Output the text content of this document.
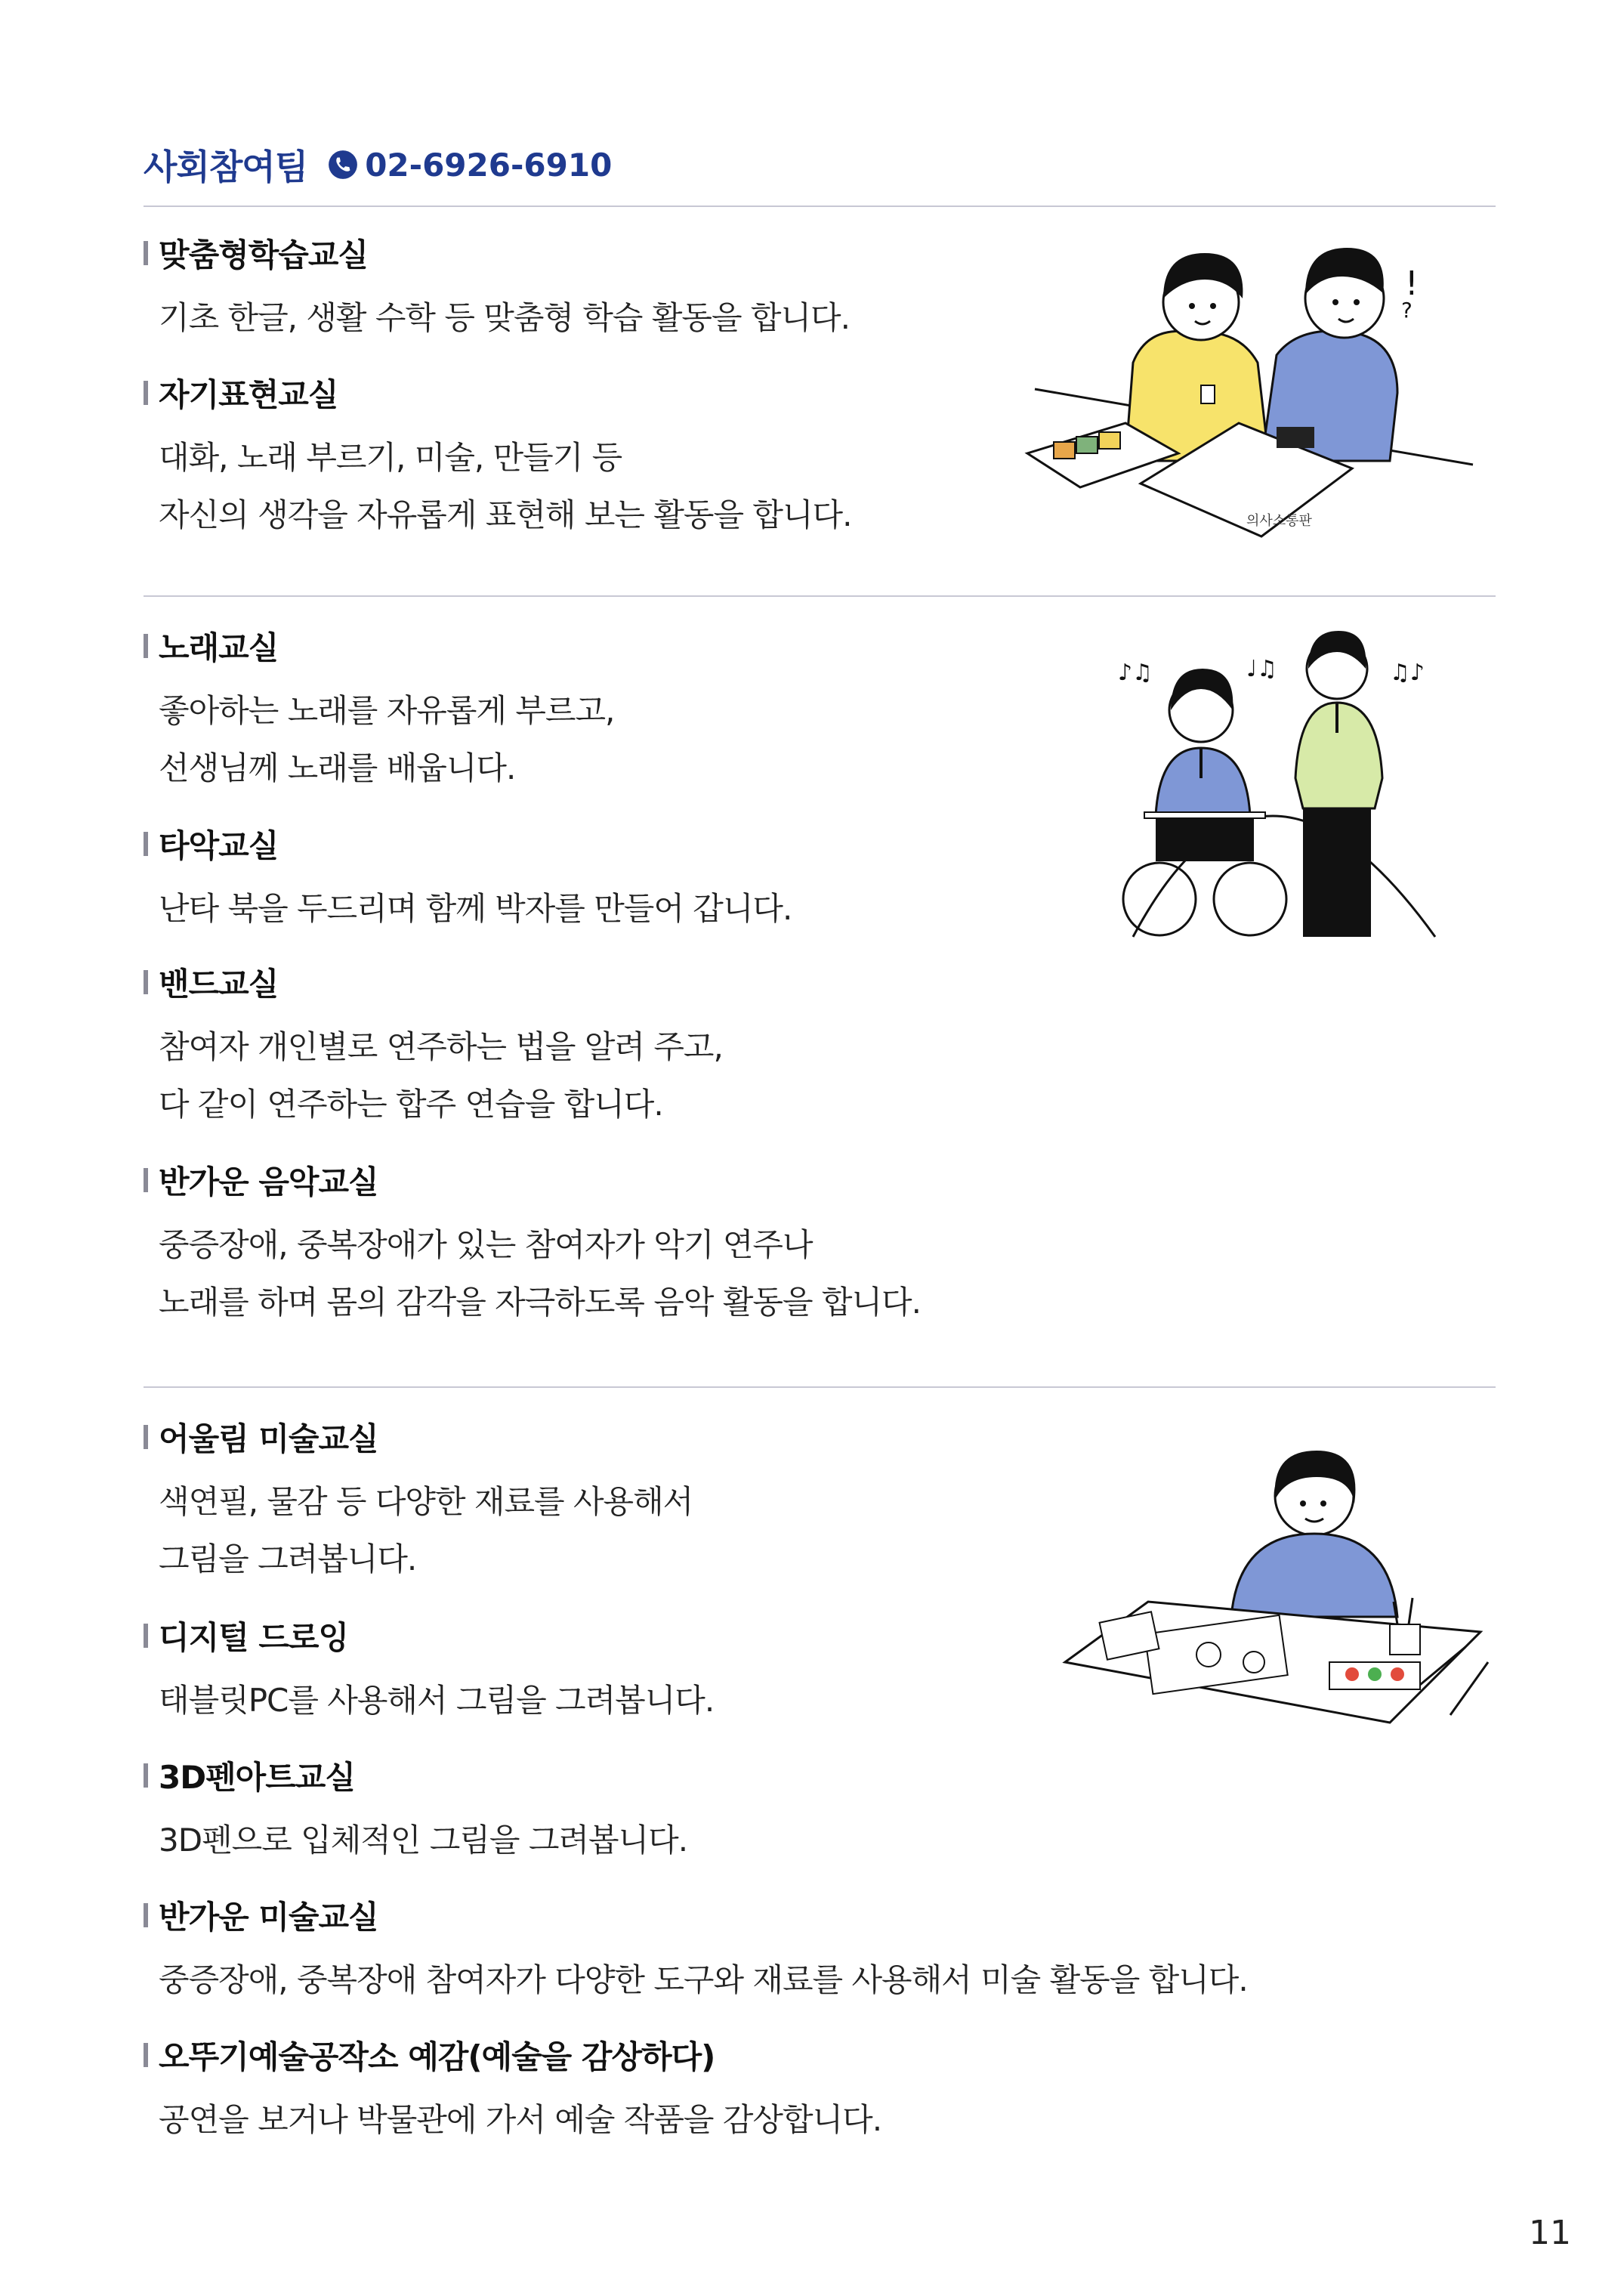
사회참여팀 02-6926-6910
맞춤형학습교실
기초 한글, 생활 수학 등 맞춤형 학습 활동을 합니다.
자기표현교실
대화, 노래 부르기, 미술, 만들기 등
자신의 생각을 자유롭게 표현해 보는 활동을 합니다.
!
?
의사소통판
노래교실
좋아하는 노래를 자유롭게 부르고,
선생님께 노래를 배웁니다.
타악교실
난타 북을 두드리며 함께 박자를 만들어 갑니다.
밴드교실
참여자 개인별로 연주하는 법을 알려 주고,
다 같이 연주하는 합주 연습을 합니다.
반가운 음악교실
중증장애, 중복장애가 있는 참여자가 악기 연주나
노래를 하며 몸의 감각을 자극하도록 음악 활동을 합니다.
♪♫	♩♫	♫♪
어울림 미술교실
색연필, 물감 등 다양한 재료를 사용해서
그림을 그려봅니다.
디지털 드로잉
태블릿PC를 사용해서 그림을 그려봅니다.
3D펜아트교실
3D펜으로 입체적인 그림을 그려봅니다.
반가운 미술교실
중증장애, 중복장애 참여자가 다양한 도구와 재료를 사용해서 미술 활동을 합니다.
오뚜기예술공작소 예감(예술을 감상하다)
공연을 보거나 박물관에 가서 예술 작품을 감상합니다.
11
